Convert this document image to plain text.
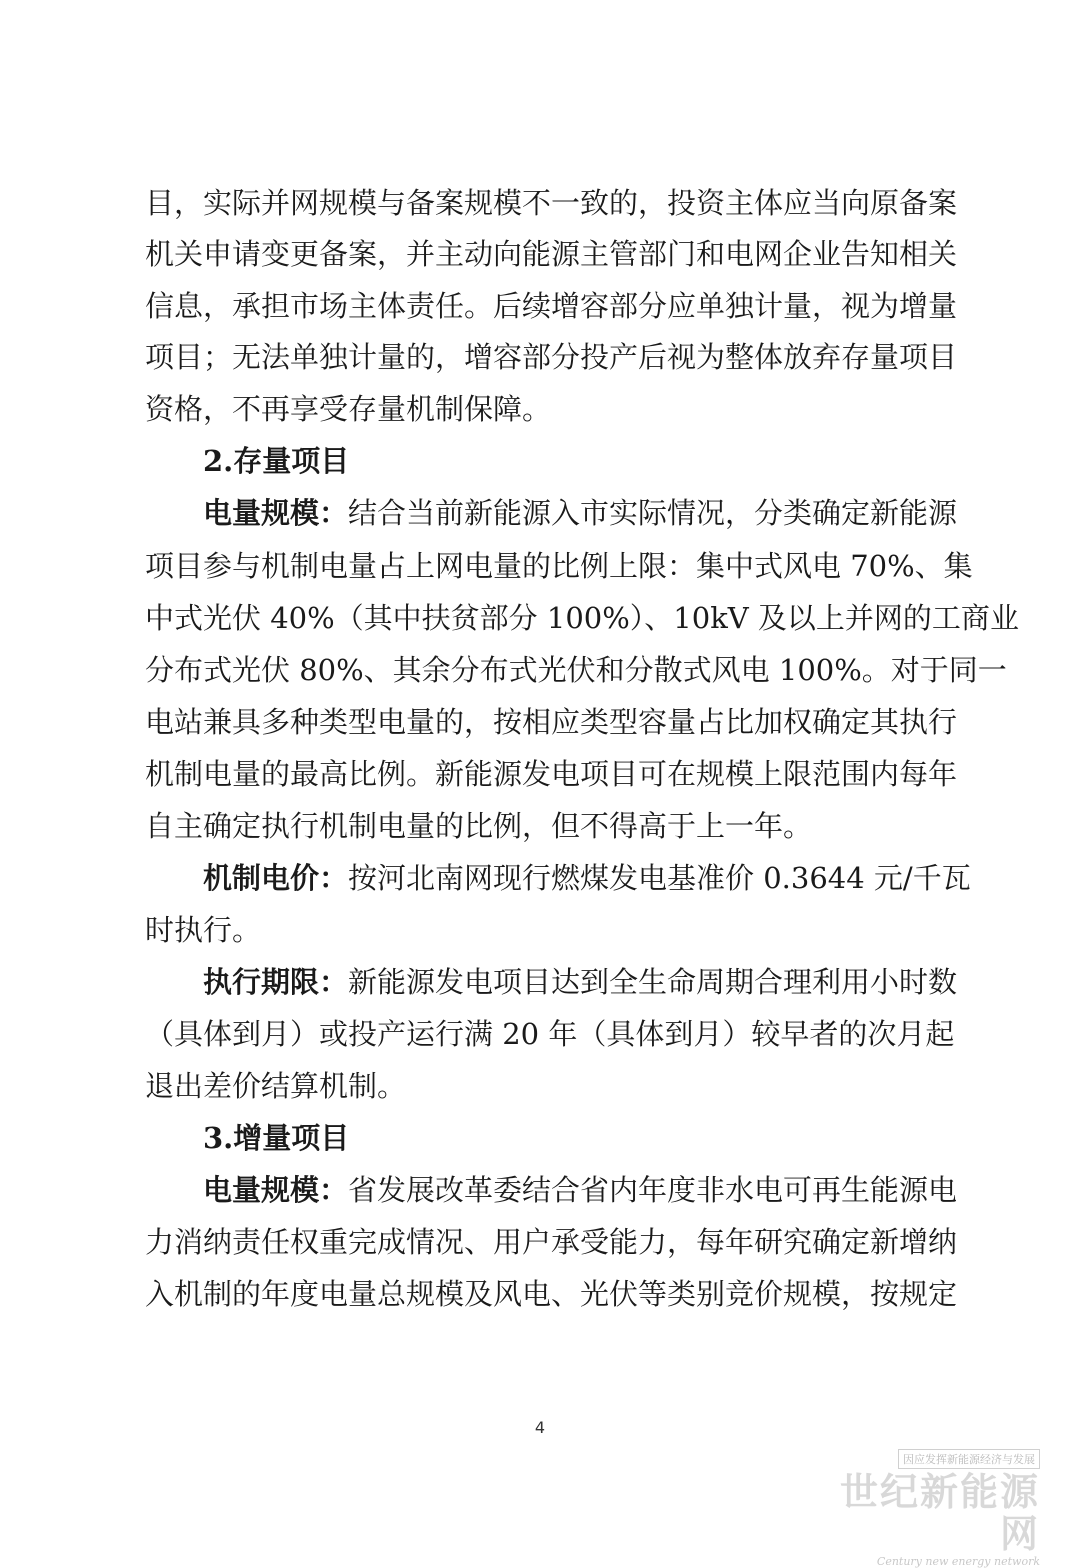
目，实际并网规模与备案规模不一致的，投资主体应当向原备案
机关申请变更备案，并主动向能源主管部门和电网企业告知相关
信息，承担市场主体责任。后续增容部分应单独计量，视为增量
项目；无法单独计量的，增容部分投产后视为整体放弃存量项目
资格，不再享受存量机制保障。
2.存量项目
电量规模：结合当前新能源入市实际情况，分类确定新能源
项目参与机制电量占上网电量的比例上限：集中式风电 70%、集
中式光伏 40%（其中扶贫部分 100%）、10kV 及以上并网的工商业
分布式光伏 80%、其余分布式光伏和分散式风电 100%。对于同一
电站兼具多种类型电量的，按相应类型容量占比加权确定其执行
机制电量的最高比例。新能源发电项目可在规模上限范围内每年
自主确定执行机制电量的比例，但不得高于上一年。
机制电价：按河北南网现行燃煤发电基准价 0.3644 元/千瓦
时执行。
执行期限：新能源发电项目达到全生命周期合理利用小时数
（具体到月）或投产运行满 20 年（具体到月）较早者的次月起
退出差价结算机制。
3.增量项目
电量规模：省发展改革委结合省内年度非水电可再生能源电
力消纳责任权重完成情况、用户承受能力，每年研究确定新增纳
入机制的年度电量总规模及风电、光伏等类别竞价规模，按规定
4
因应发挥新能源经济与发展
世纪新能源网
Century new energy network
